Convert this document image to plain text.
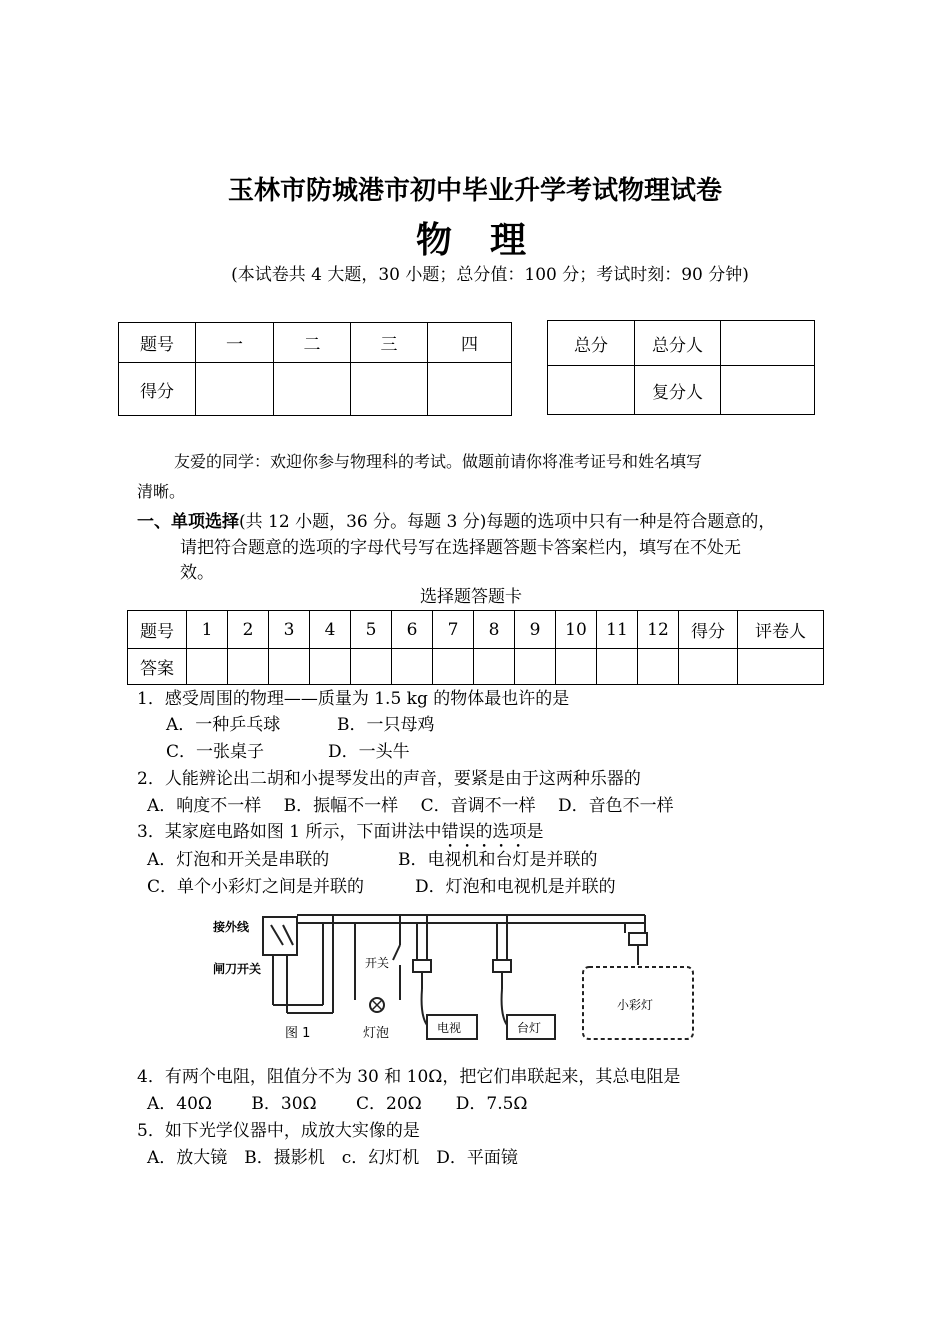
玉林市防城港市初中毕业升学考试物理试卷
物理
(本试卷共 4 大题，30 小题；总分值：100 分；考试时刻：90 分钟)
题号	一	二	三	四
得分				
总分	总分人	
	复分人	
友爱的同学：欢迎你参与物理科的考试。做题前请你将准考证号和姓名填写
清晰。
一、单项选择(共 12 小题，36 分。每题 3 分)每题的选项中只有一种是符合题意的，
请把符合题意的选项的字母代号写在选择题答题卡答案栏内，填写在不处无
效。
选择题答题卡
题号	1	2	3	4	5	6	7	8	9	10	11	12	得分	评卷人
答案														
1．感受周围的物理——质量为 1.5 kg 的物体最也许的是
A．一种乒乓球	B．一只母鸡
C．一张桌子	D．一头牛
2．人能辨论出二胡和小提琴发出的声音，要紧是由于这两种乐器的
A．响度不一样　 B．振幅不一样　 C．音调不一样　 D．音色不一样
3．某家庭电路如图 1 所示，下面讲法中错误的选项是
A．灯泡和开关是串联的	B．电视机和台灯是并联的
C．单个小彩灯之间是并联的	D．灯泡和电视机是并联的
接外线
闸刀开关	开关
灯泡	电视	台灯
小彩灯
图 1
4．有两个电阻，阻值分不为 30 和 10Ω，把它们串联起来，其总电阻是
A．40Ω　　 B．30Ω　　 C．20Ω　　D．7.5Ω
5．如下光学仪器中，成放大实像的是
A．放大镜　B．摄影机　c．幻灯机　D．平面镜
